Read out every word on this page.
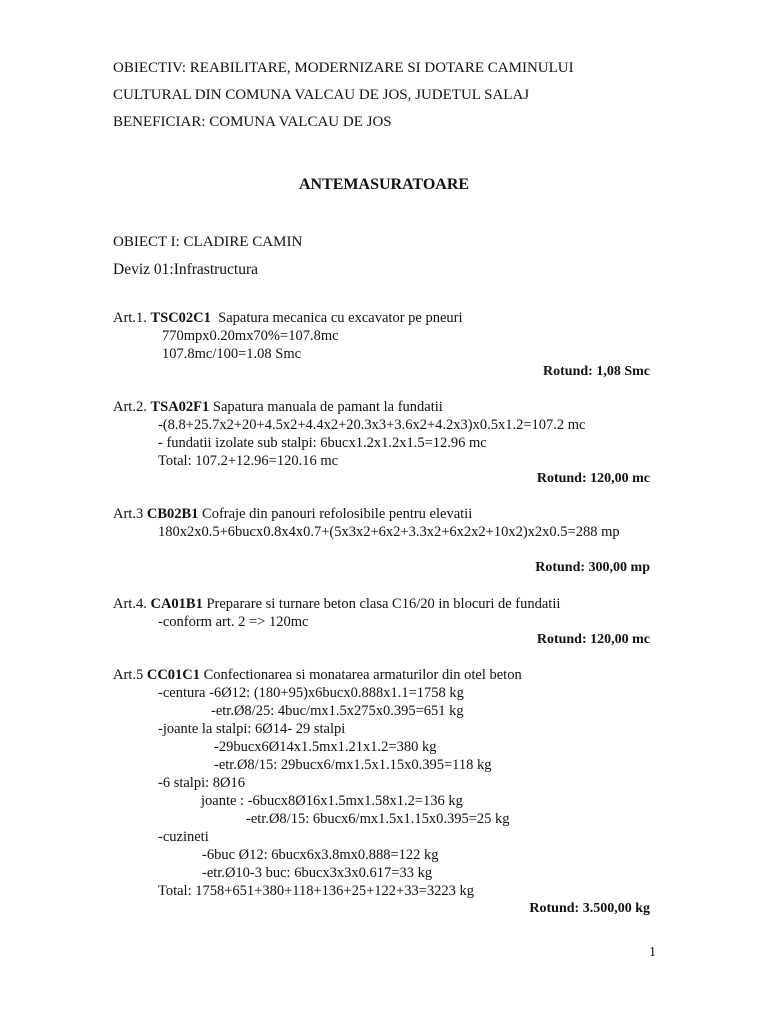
OBIECTIV: REABILITARE, MODERNIZARE SI DOTARE CAMINULUI
CULTURAL DIN COMUNA VALCAU DE JOS, JUDETUL SALAJ
BENEFICIAR: COMUNA VALCAU DE JOS
ANTEMASURATOARE
OBIECT I: CLADIRE CAMIN
Deviz 01:Infrastructura
Art.1. TSC02C1  Sapatura mecanica cu excavator pe pneuri
770mpx0.20mx70%=107.8mc
107.8mc/100=1.08 Smc
Rotund: 1,08 Smc
Art.2. TSA02F1 Sapatura manuala de pamant la fundatii
-(8.8+25.7x2+20+4.5x2+4.4x2+20.3x3+3.6x2+4.2x3)x0.5x1.2=107.2 mc
- fundatii izolate sub stalpi: 6bucx1.2x1.2x1.5=12.96 mc
Total: 107.2+12.96=120.16 mc
Rotund: 120,00 mc
Art.3 CB02B1 Cofraje din panouri refolosibile pentru elevatii
180x2x0.5+6bucx0.8x4x0.7+(5x3x2+6x2+3.3x2+6x2x2+10x2)x2x0.5=288 mp
Rotund: 300,00 mp
Art.4. CA01B1 Preparare si turnare beton clasa C16/20 in blocuri de fundatii
-conform art. 2 => 120mc
Rotund: 120,00 mc
Art.5 CC01C1 Confectionarea si monatarea armaturilor din otel beton
-centura -6Ø12: (180+95)x6bucx0.888x1.1=1758 kg
-etr.Ø8/25: 4buc/mx1.5x275x0.395=651 kg
-joante la stalpi: 6Ø14- 29 stalpi
-29bucx6Ø14x1.5mx1.21x1.2=380 kg
-etr.Ø8/15: 29bucx6/mx1.5x1.15x0.395=118 kg
-6 stalpi: 8Ø16
joante : -6bucx8Ø16x1.5mx1.58x1.2=136 kg
-etr.Ø8/15: 6bucx6/mx1.5x1.15x0.395=25 kg
-cuzineti
-6buc Ø12: 6bucx6x3.8mx0.888=122 kg
-etr.Ø10-3 buc: 6bucx3x3x0.617=33 kg
Total: 1758+651+380+118+136+25+122+33=3223 kg
Rotund: 3.500,00 kg
1
